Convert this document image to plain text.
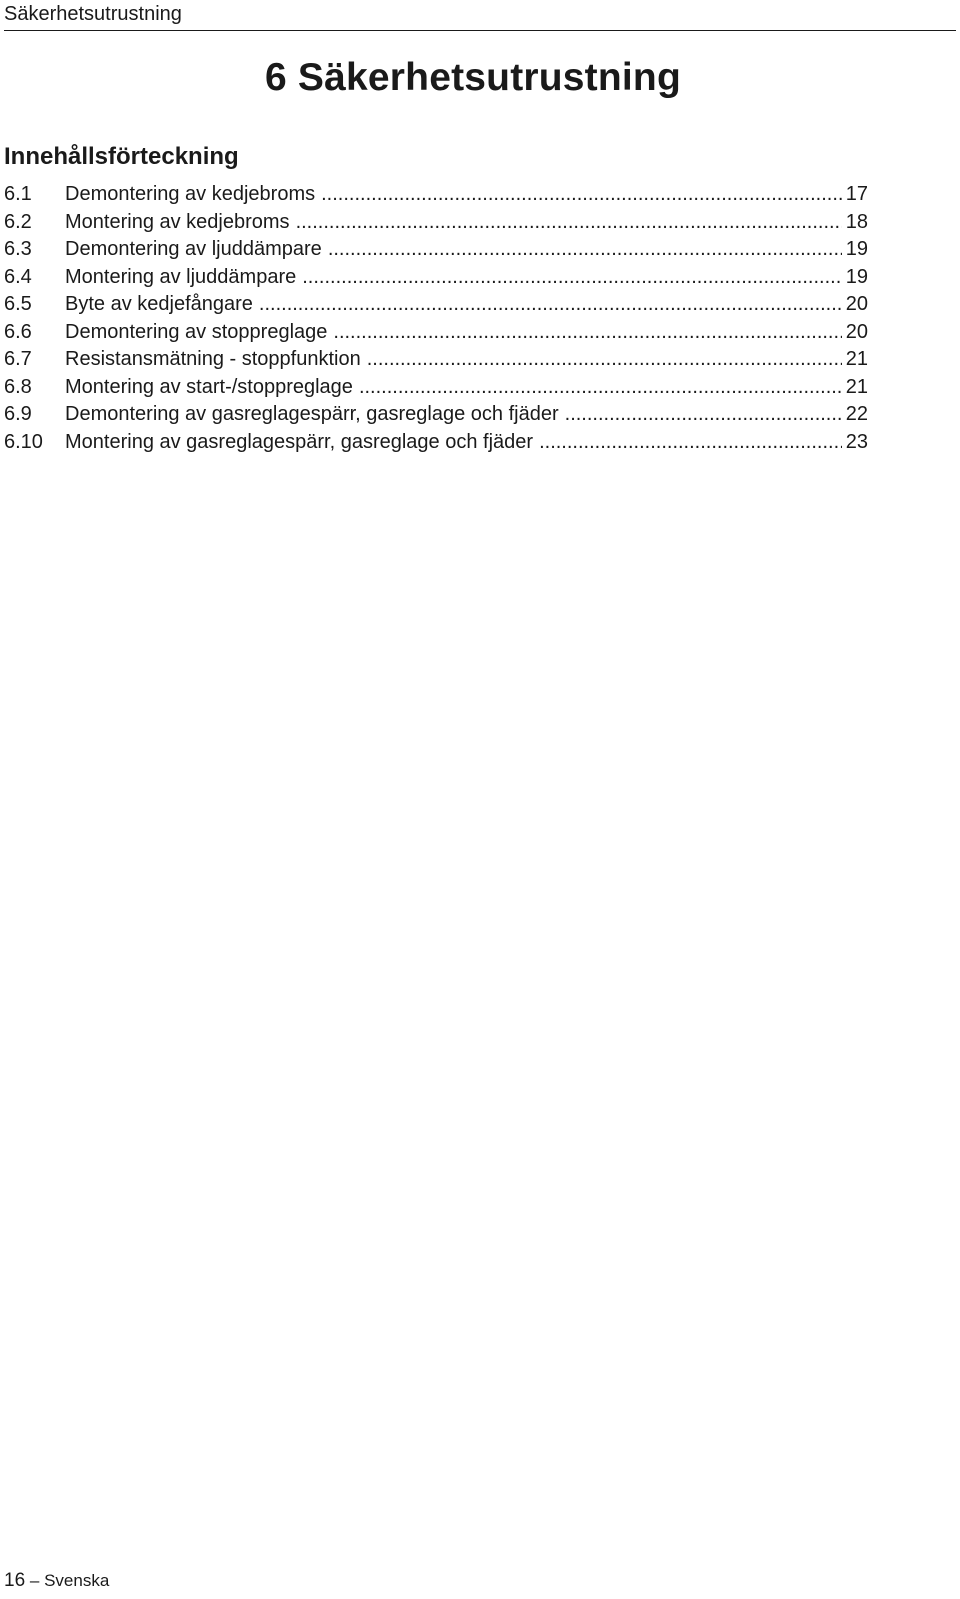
Säkerhetsutrustning
6 Säkerhetsutrustning
Innehållsförteckning
6.1	Demontering av kedjebroms .....	17
6.2	Montering av kedjebroms .....	18
6.3	Demontering av ljuddämpare .....	19
6.4	Montering av ljuddämpare .....	19
6.5	Byte av kedjefångare .....	20
6.6	Demontering av stoppreglage .....	20
6.7	Resistansmätning - stoppfunktion .....	21
6.8	Montering av start-/stoppreglage .....	21
6.9	Demontering av gasreglagespärr, gasreglage och fjäder .....	22
6.10	Montering av gasreglagespärr, gasreglage och fjäder .....	23
16 – Svenska
